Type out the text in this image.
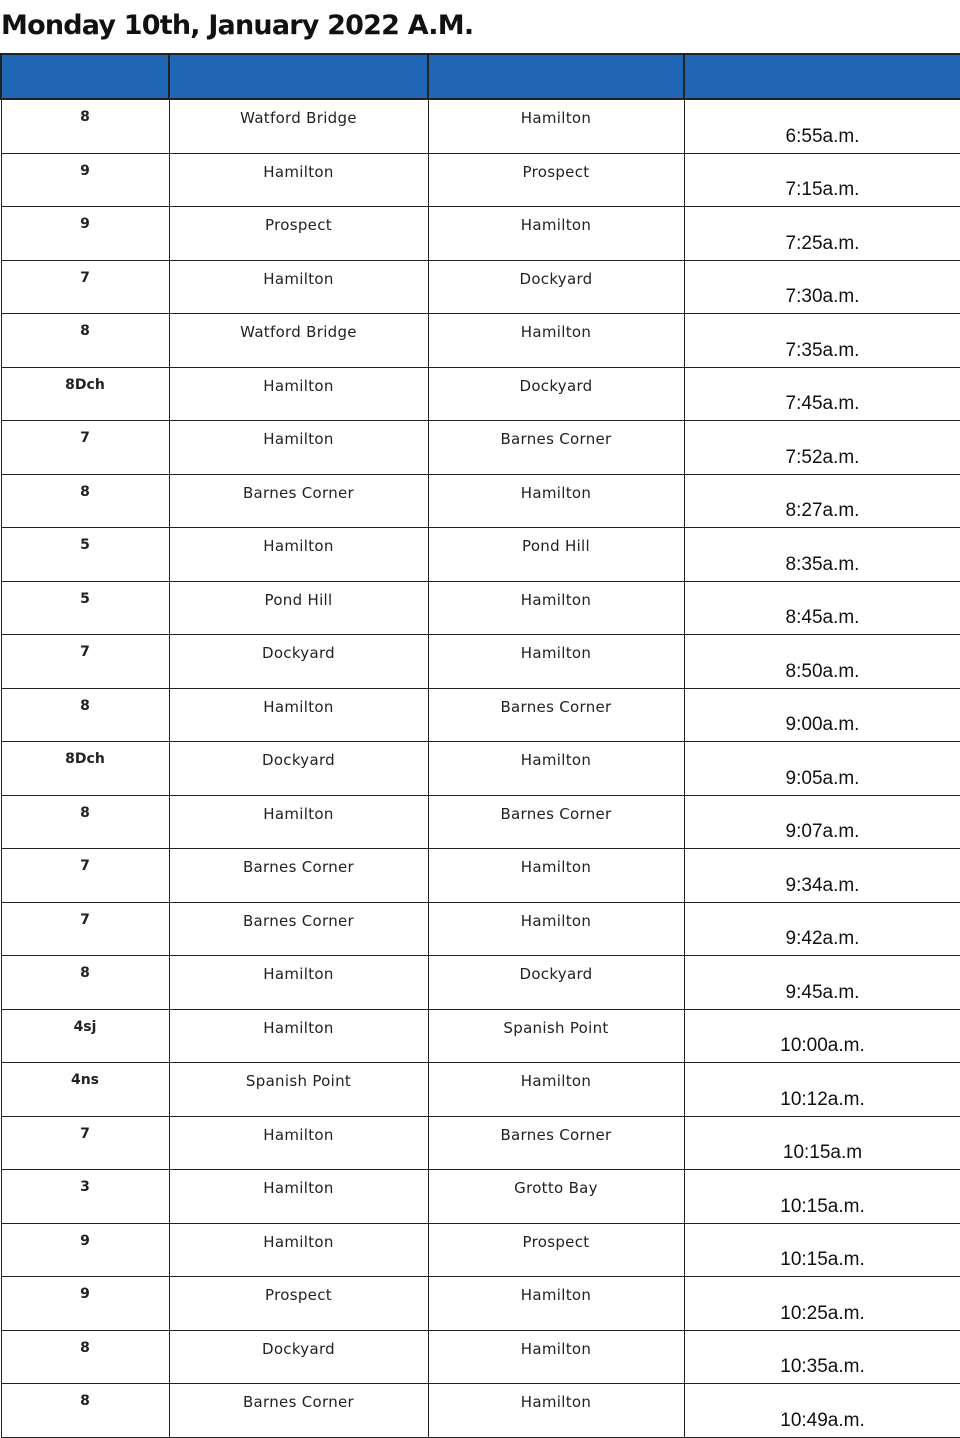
Monday 10th, January 2022 A.M.

8	Watford Bridge	Hamilton	6:55a.m.
9	Hamilton	Prospect	7:15a.m.
9	Prospect	Hamilton	7:25a.m.
7	Hamilton	Dockyard	7:30a.m.
8	Watford Bridge	Hamilton	7:35a.m.
8Dch	Hamilton	Dockyard	7:45a.m.
7	Hamilton	Barnes Corner	7:52a.m.
8	Barnes Corner	Hamilton	8:27a.m.
5	Hamilton	Pond Hill	8:35a.m.
5	Pond Hill	Hamilton	8:45a.m.
7	Dockyard	Hamilton	8:50a.m.
8	Hamilton	Barnes Corner	9:00a.m.
8Dch	Dockyard	Hamilton	9:05a.m.
8	Hamilton	Barnes Corner	9:07a.m.
7	Barnes Corner	Hamilton	9:34a.m.
7	Barnes Corner	Hamilton	9:42a.m.
8	Hamilton	Dockyard	9:45a.m.
4sj	Hamilton	Spanish Point	10:00a.m.
4ns	Spanish Point	Hamilton	10:12a.m.
7	Hamilton	Barnes Corner	10:15a.m
3	Hamilton	Grotto Bay	10:15a.m.
9	Hamilton	Prospect	10:15a.m.
9	Prospect	Hamilton	10:25a.m.
8	Dockyard	Hamilton	10:35a.m.
8	Barnes Corner	Hamilton	10:49a.m.
